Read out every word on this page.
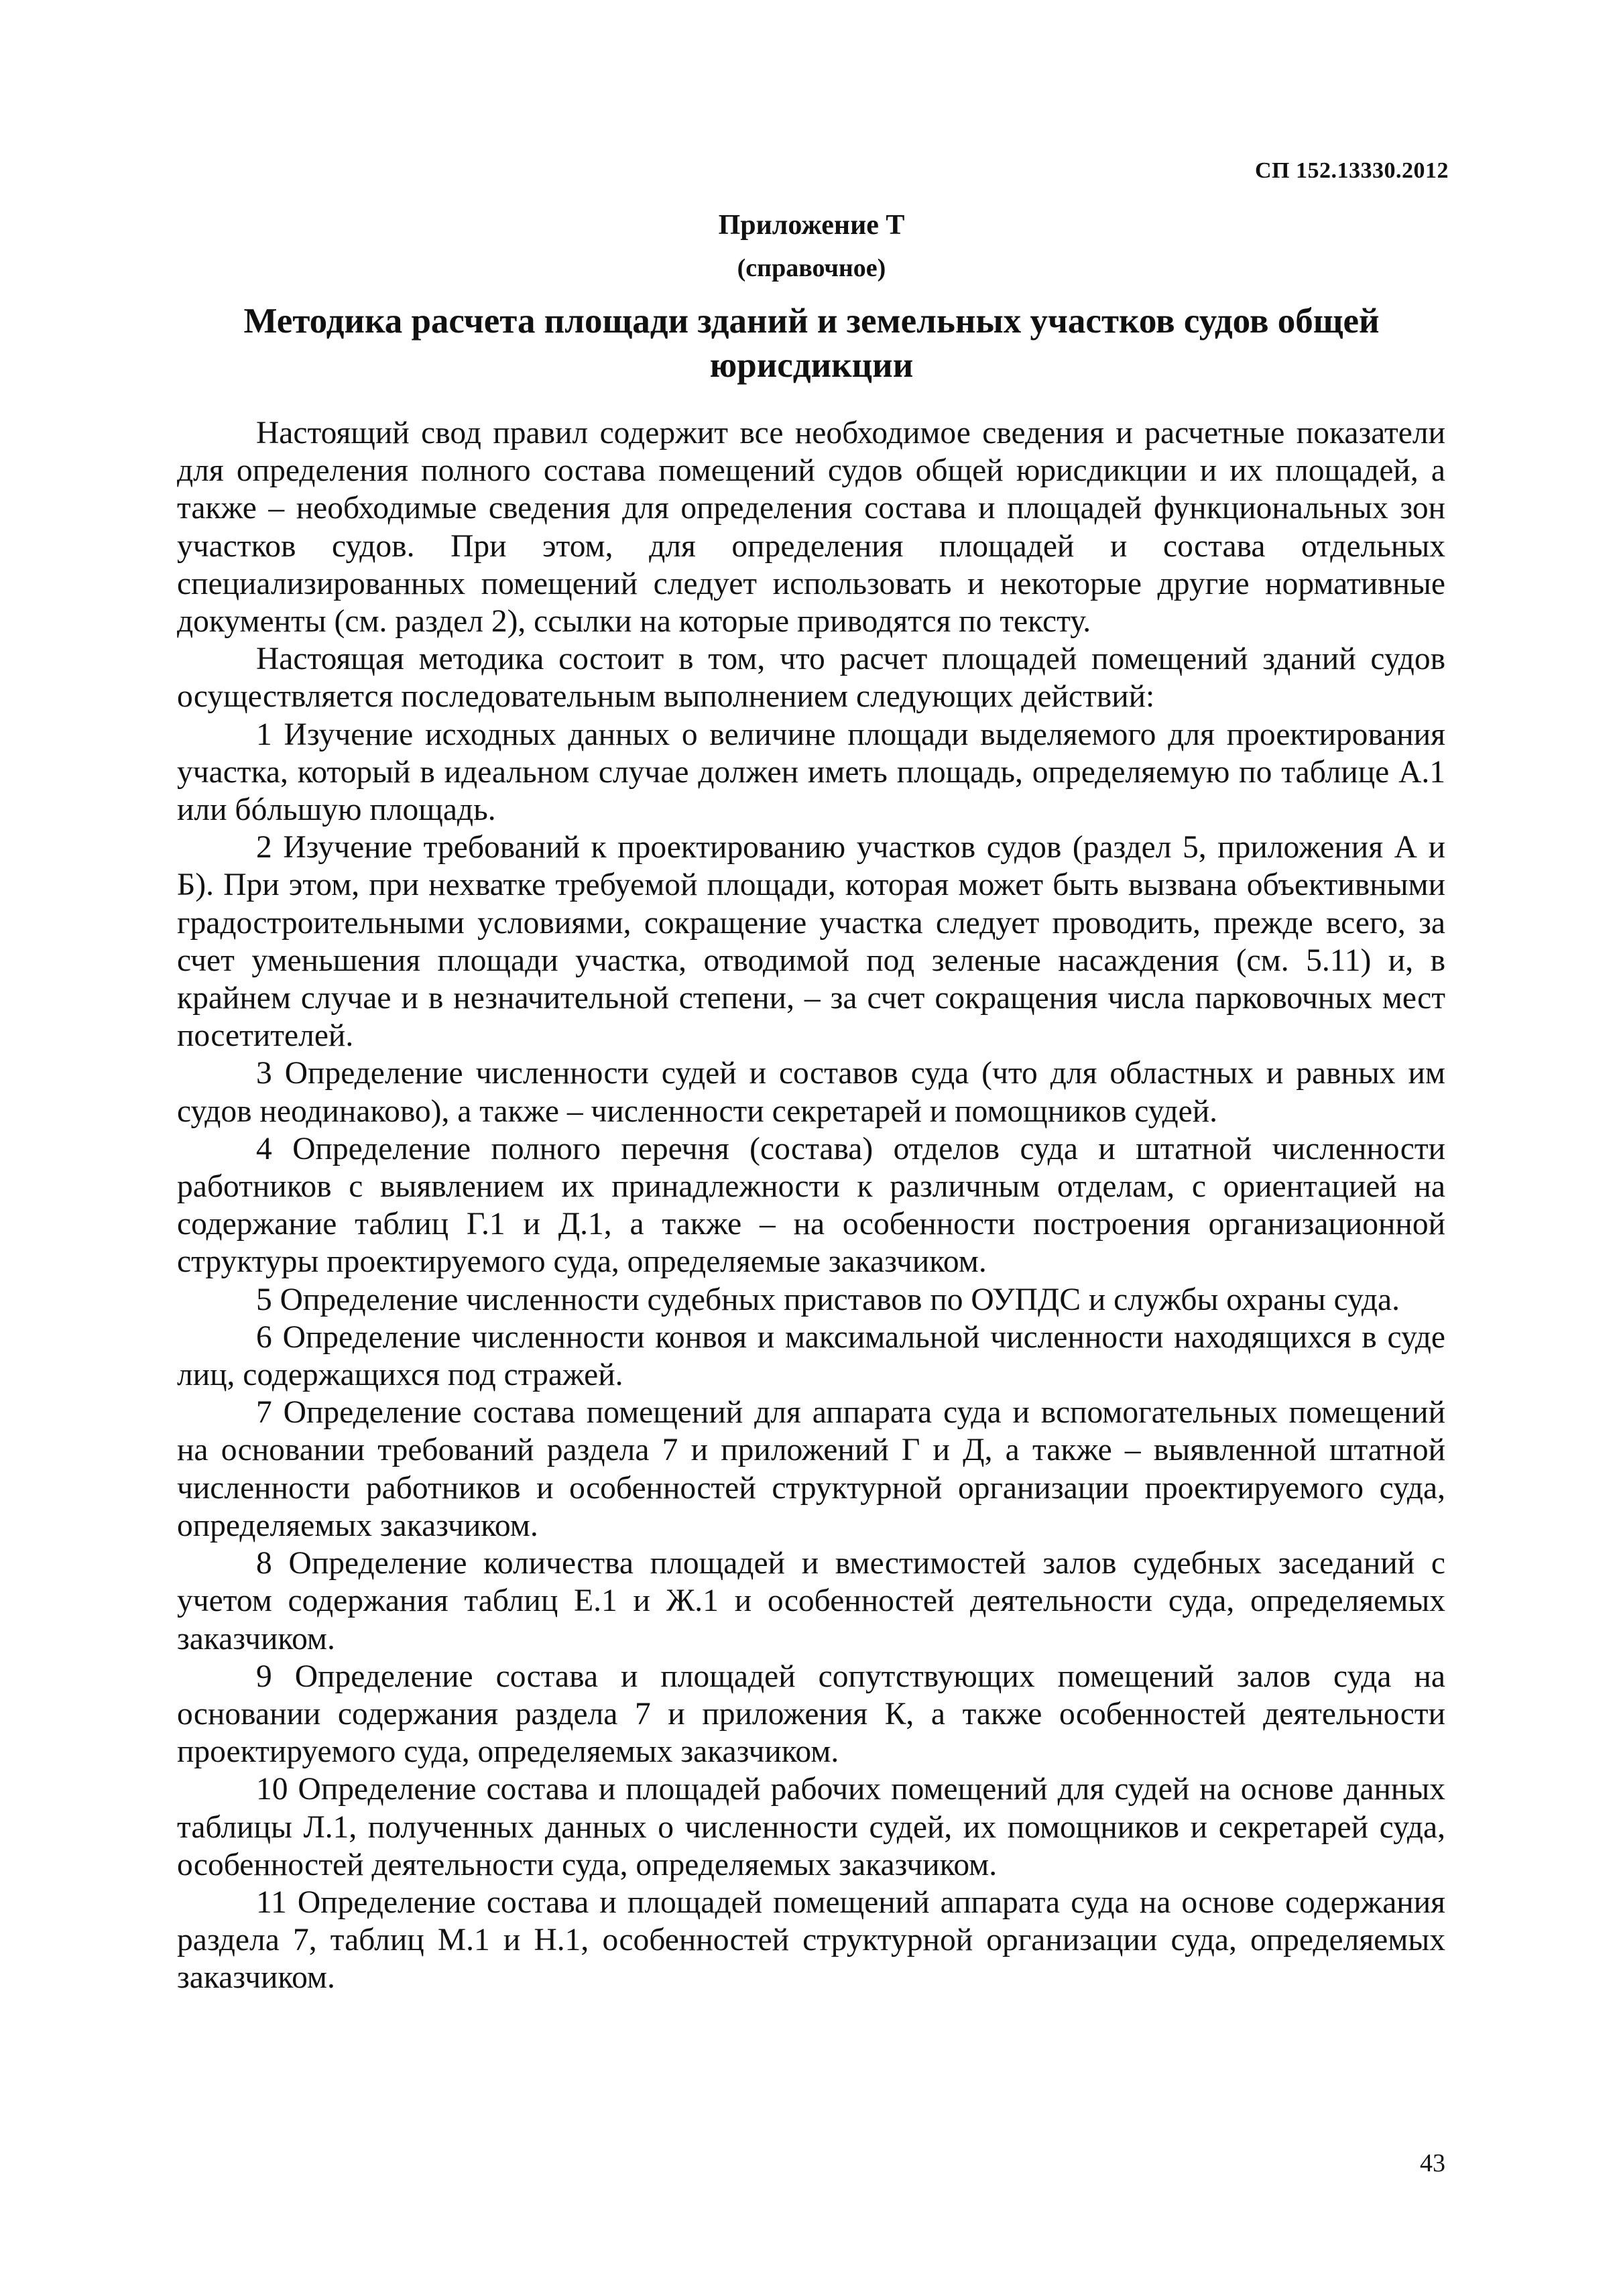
СП 152.13330.2012
Приложение Т
(справочное)
Методика расчета площади зданий и земельных участков судов общей юрисдикции

Настоящий свод правил содержит все необходимое сведения и расчетные показатели для определения полного состава помещений судов общей юрисдикции и их площадей, а также – необходимые сведения для определения состава и площадей функциональных зон участков судов. При этом, для определения площадей и состава отдельных специализированных помещений следует использовать и некоторые другие нормативные документы (см. раздел 2), ссылки на которые приводятся по тексту.

Настоящая методика состоит в том, что расчет площадей помещений зданий судов осуществляется последовательным выполнением следующих действий:

1 Изучение исходных данных о величине площади выделяемого для проектирования участка, который в идеальном случае должен иметь площадь, определяемую по таблице А.1 или бóльшую площадь.

2 Изучение требований к проектированию участков судов (раздел 5, приложения А и Б). При этом, при нехватке требуемой площади, которая может быть вызвана объективными градостроительными условиями, сокращение участка следует проводить, прежде всего, за счет уменьшения площади участка, отводимой под зеленые насаждения (см. 5.11) и, в крайнем случае и в незначительной степени, – за счет сокращения числа парковочных мест посетителей.

3 Определение численности судей и составов суда (что для областных и равных им судов неодинаково), а также – численности секретарей и помощников судей.

4 Определение полного перечня (состава) отделов суда и штатной численности работников с выявлением их принадлежности к различным отделам, с ориентацией на содержание таблиц Г.1 и Д.1, а также – на особенности построения организационной структуры проектируемого суда, определяемые заказчиком.

5 Определение численности судебных приставов по ОУПДС и службы охраны суда.

6 Определение численности конвоя и максимальной численности находящихся в суде лиц, содержащихся под стражей.

7 Определение состава помещений для аппарата суда и вспомогательных помещений на основании требований раздела 7 и приложений Г и Д, а также – выявленной штатной численности работников и особенностей структурной организации проектируемого суда, определяемых заказчиком.

8 Определение количества площадей и вместимостей залов судебных заседаний с учетом содержания таблиц Е.1 и Ж.1 и особенностей деятельности суда, определяемых заказчиком.

9 Определение состава и площадей сопутствующих помещений залов суда на основании содержания раздела 7 и приложения К, а также особенностей деятельности проектируемого суда, определяемых заказчиком.

10 Определение состава и площадей рабочих помещений для судей на основе данных таблицы Л.1, полученных данных о численности судей, их помощников и секретарей суда, особенностей деятельности суда, определяемых заказчиком.

11 Определение состава и площадей помещений аппарата суда на основе содержания раздела 7, таблиц М.1 и Н.1, особенностей структурной организации суда, определяемых заказчиком.

43
